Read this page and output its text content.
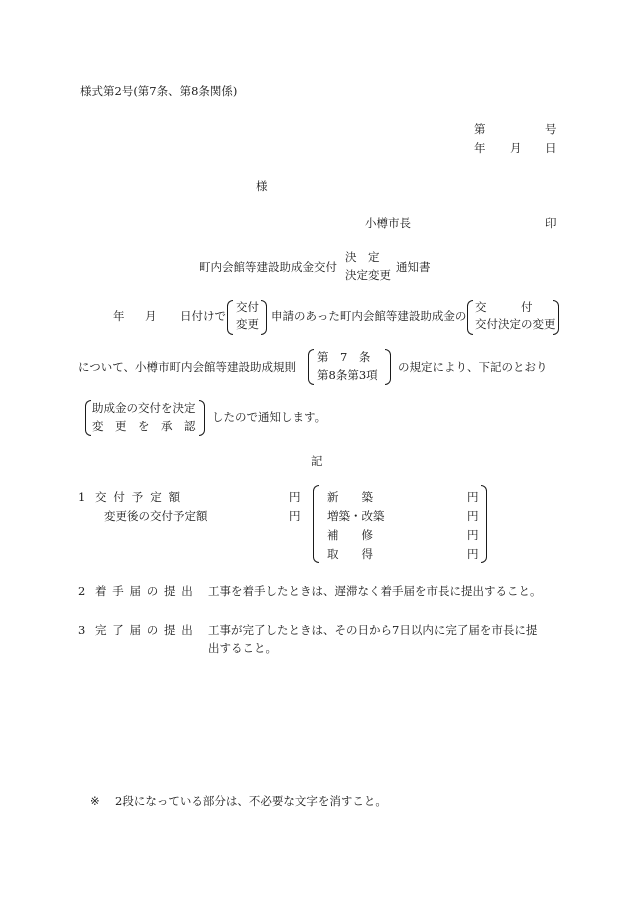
様式第2号(第7条、第8条関係)
第	号
年 月 日
様
小樽市長	印
町内会館等建設助成金交付
決　定
決定変更
通知書
年 月 日付けで
交付
変更
申請のあった町内会館等建設助成金の
交　　　付
交付決定の変更
について、小樽市町内会館等建設助成規則
第　7　条
第8条第3項
の規定により、下記のとおり
助成金の交付を決定
変　更　を　承　認
したので通知します。
記
1 交付予定額	円
変更後の交付予定額	円
新　　築	円
増築・改築	円
補　　修	円
取　　得	円
2 着手届の提出 工事を着手したときは、遅滞なく着手届を市長に提出すること。
3 完了届の提出 工事が完了したときは、その日から7日以内に完了届を市長に提
出すること。
※ 2段になっている部分は、不必要な文字を消すこと。
